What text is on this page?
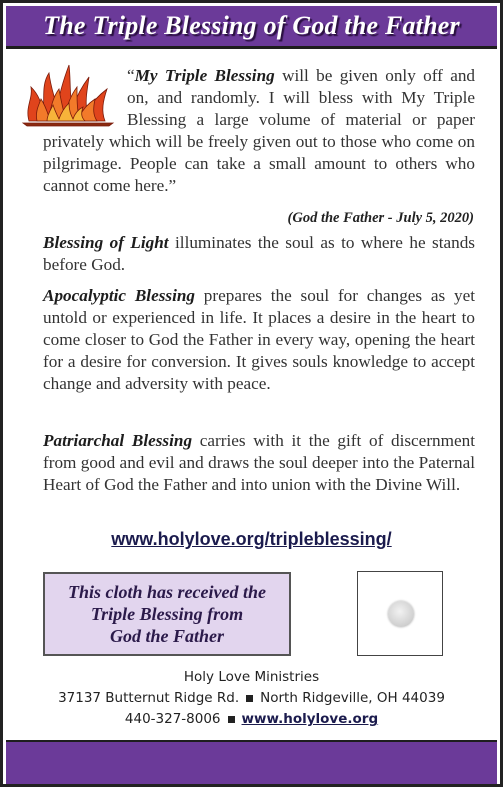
The Triple Blessing of God the Father

“My Triple Blessing will be given only off and on, and randomly. I will bless with My Triple Blessing a large volume of material or paper privately which will be freely given out to those who come on pilgrimage. People can take a small amount to others who cannot come here.”

(God the Father - July 5, 2020)

Blessing of Light illuminates the soul as to where he stands before God.

Apocalyptic Blessing prepares the soul for changes as yet untold or experienced in life. It places a desire in the heart to come closer to God the Father in every way, opening the heart for a desire for conversion. It gives souls knowledge to accept change and adversity with peace.

Patriarchal Blessing carries with it the gift of discernment from good and evil and draws the soul deeper into the Paternal Heart of God the Father and into union with the Divine Will.

www.holylove.org/tripleblessing/
This cloth has received the
Triple Blessing from
God the Father
Holy Love Ministries
37137 Butternut Ridge Rd. North Ridgeville, OH 44039
440-327-8006 www.holylove.org
